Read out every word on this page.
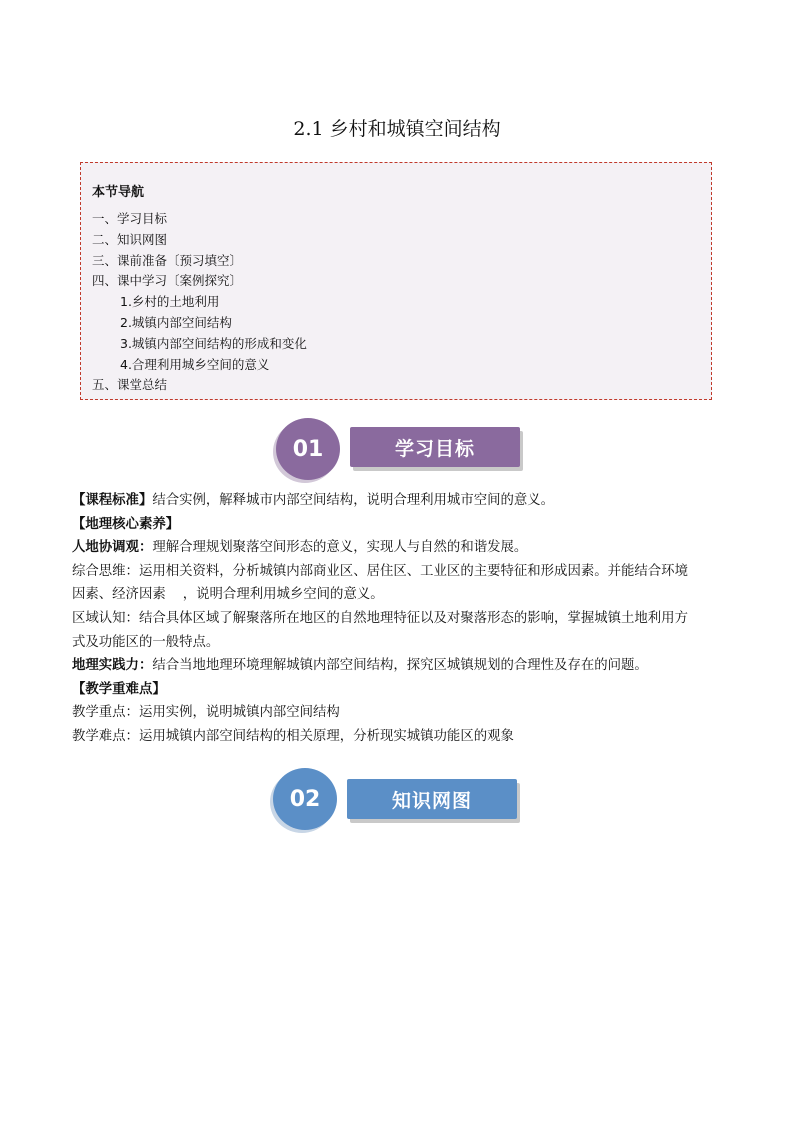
2.1 乡村和城镇空间结构
本节导航
一、学习目标
二、知识网图
三、课前准备〔预习填空〕
四、课中学习〔案例探究〕
1.乡村的土地利用
2.城镇内部空间结构
3.城镇内部空间结构的形成和变化
4.合理利用城乡空间的意义
五、课堂总结
01	学习目标

【课程标准】结合实例，解释城市内部空间结构，说明合理利用城市空间的意义。

【地理核心素养】

人地协调观：理解合理规划聚落空间形态的意义，实现人与自然的和谐发展。

综合思维：运用相关资料，分析城镇内部商业区、居住区、工业区的主要特征和形成因素。并能结合环境

因素、经济因素    ，说明合理利用城乡空间的意义。

区域认知：结合具体区域了解聚落所在地区的自然地理特征以及对聚落形态的影响，掌握城镇土地利用方

式及功能区的一般特点。

地理实践力：结合当地地理环境理解城镇内部空间结构，探究区城镇规划的合理性及存在的问题。

【教学重难点】

教学重点：运用实例，说明城镇内部空间结构

教学难点：运用城镇内部空间结构的相关原理，分析现实城镇功能区的观象

02	知识网图
